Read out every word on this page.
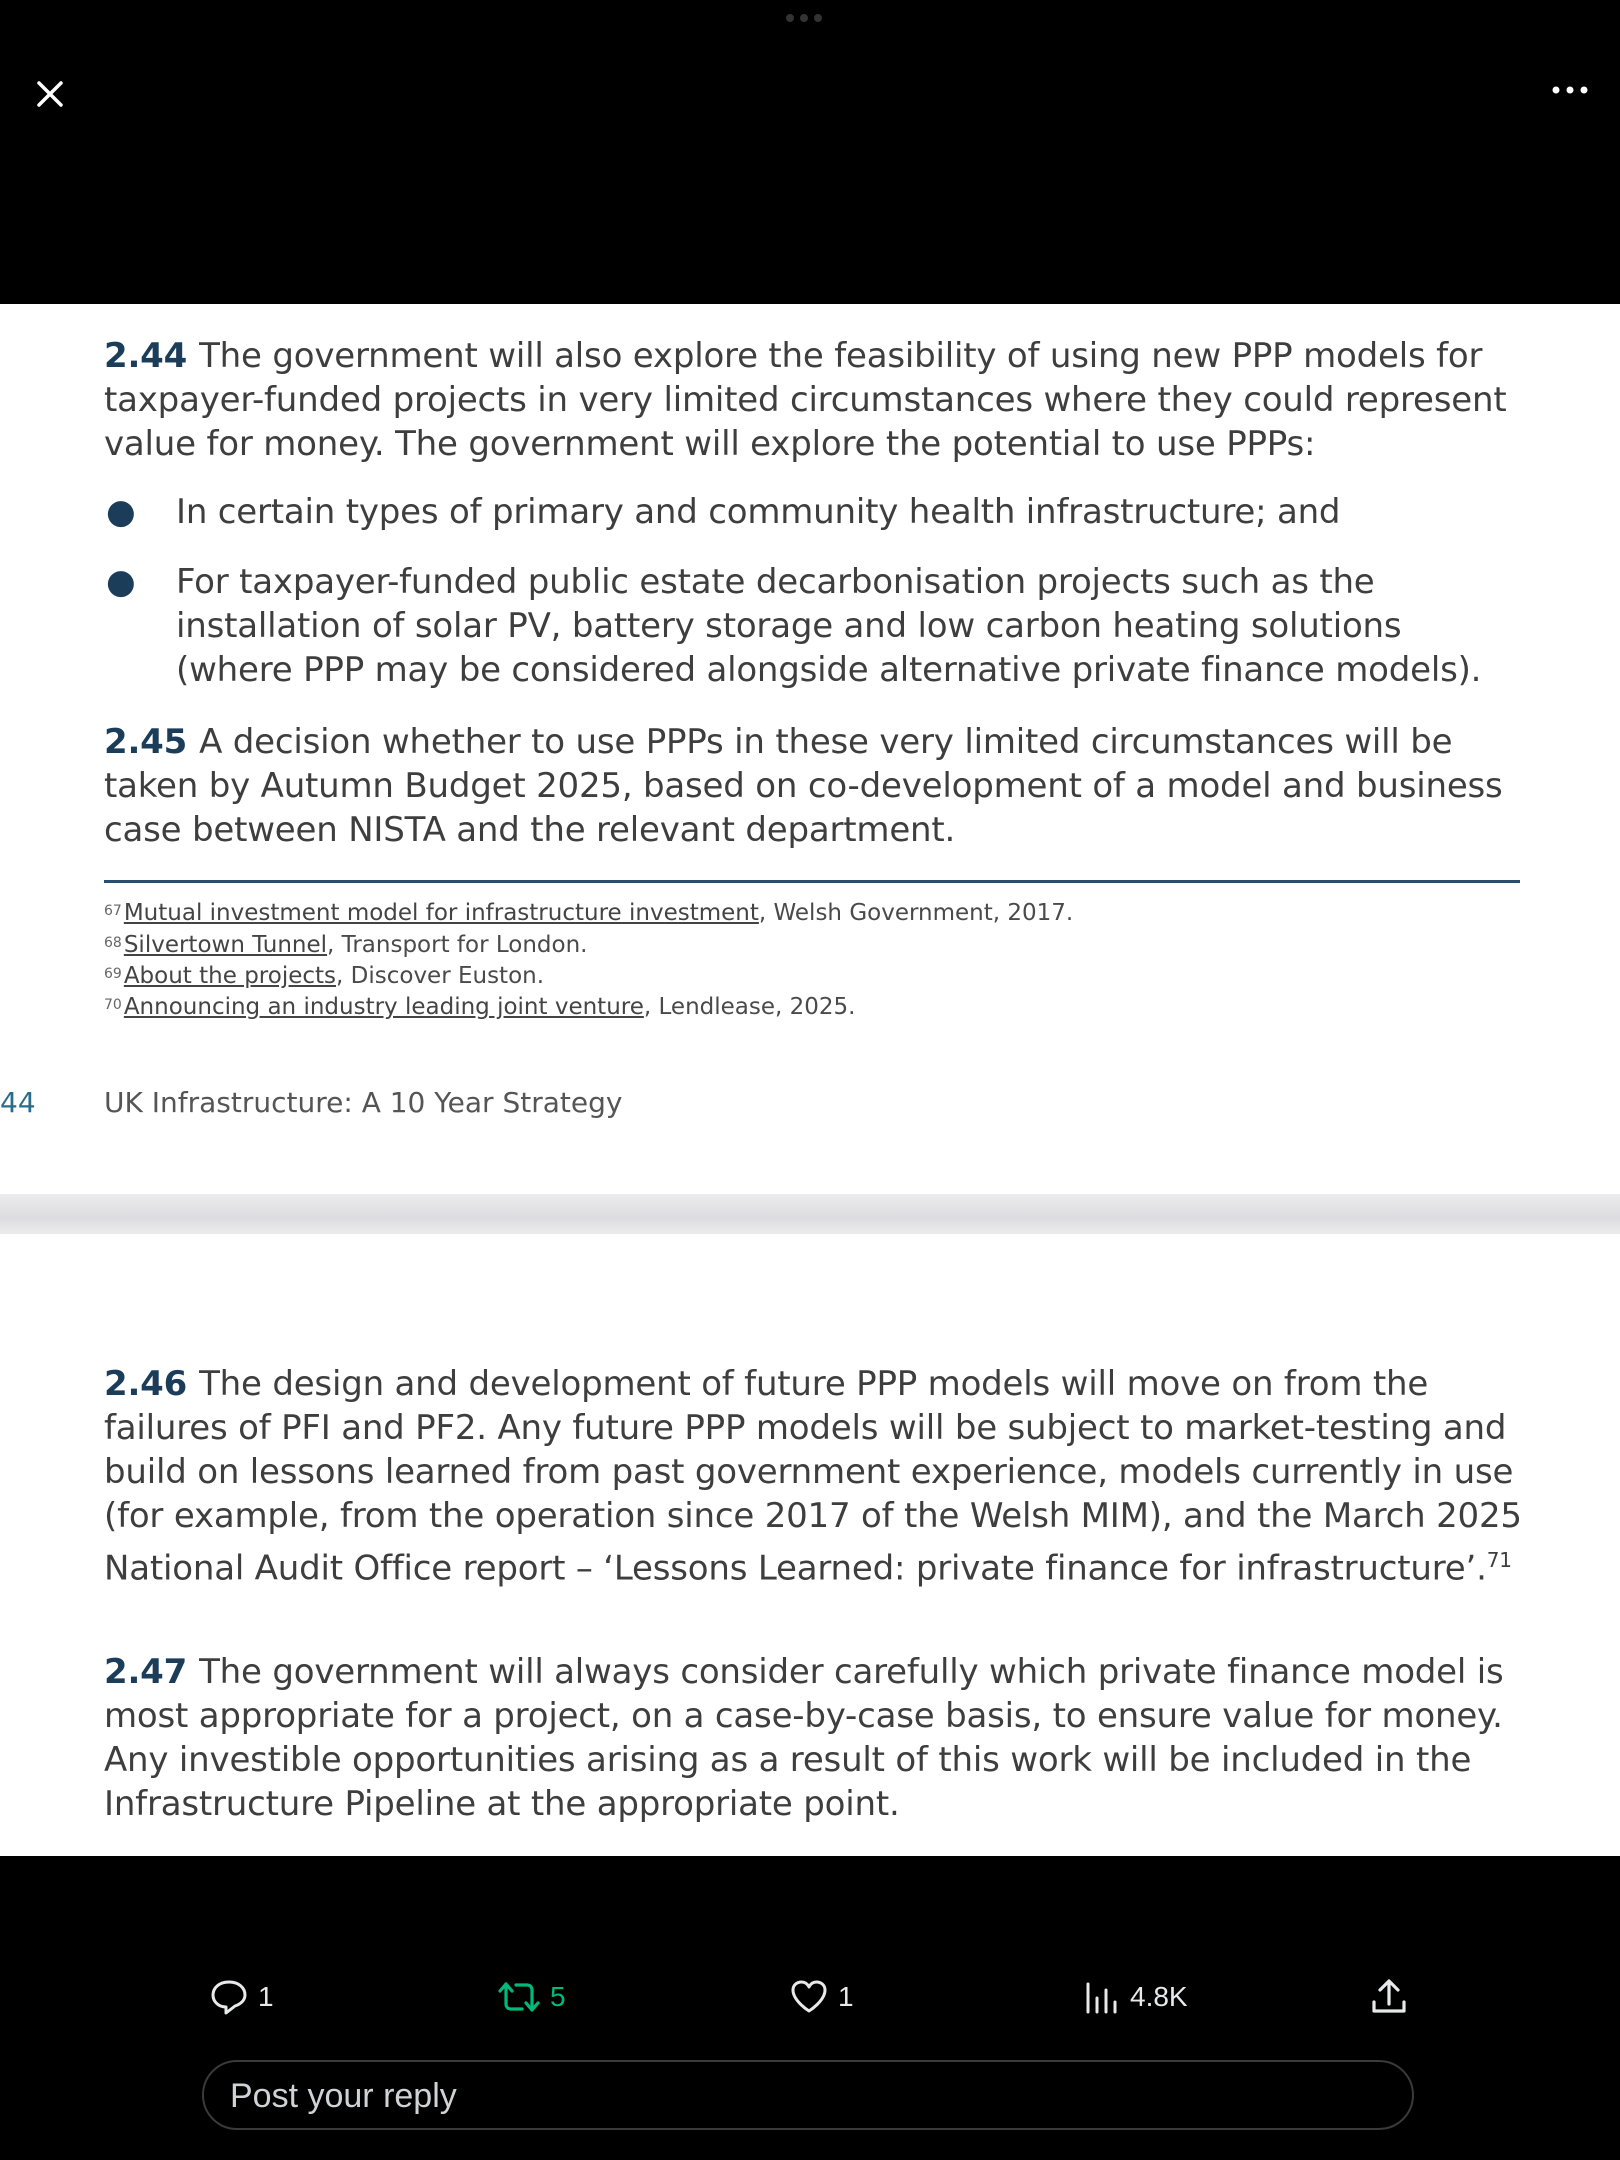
2.44 The government will also explore the feasibility of using new PPP models for taxpayer-funded projects in very limited circumstances where they could represent value for money. The government will explore the potential to use PPPs:

● In certain types of primary and community health infrastructure; and
● For taxpayer-funded public estate decarbonisation projects such as the installation of solar PV, battery storage and low carbon heating solutions (where PPP may be considered alongside alternative private finance models).

2.45 A decision whether to use PPPs in these very limited circumstances will be taken by Autumn Budget 2025, based on co-development of a model and business case between NISTA and the relevant department.

$^{67}$Mutual investment model for infrastructure investment, Welsh Government, 2017.
$^{68}$Silvertown Tunnel, Transport for London.
$^{69}$About the projects, Discover Euston.
$^{70}$Announcing an industry leading joint venture, Lendlease, 2025.
44 UK Infrastructure: A 10 Year Strategy

2.46 The design and development of future PPP models will move on from the failures of PFI and PF2. Any future PPP models will be subject to market-testing and build on lessons learned from past government experience, models currently in use (for example, from the operation since 2017 of the Welsh MIM), and the March 2025 National Audit Office report – ‘Lessons Learned: private finance for infrastructure’.$^{71}$

2.47 The government will always consider carefully which private finance model is most appropriate for a project, on a case-by-case basis, to ensure value for money. Any investible opportunities arising as a result of this work will be included in the Infrastructure Pipeline at the appropriate point.

1	5	1	4.8K
Post your reply
